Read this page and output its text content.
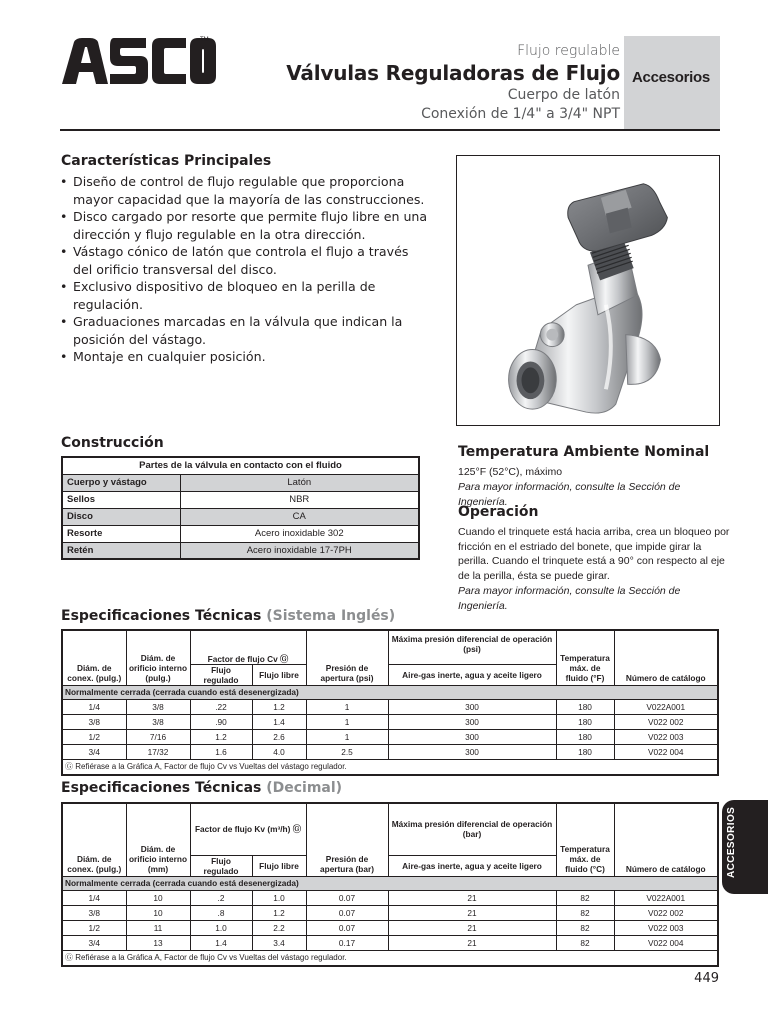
TM
Flujo regulable
Válvulas Reguladoras de Flujo
Cuerpo de latón
Conexión de 1/4" a 3/4" NPT
Accesorios
Características Principales
• Diseño de control de flujo regulable que proporciona mayor capacidad que la mayoría de las construcciones.
• Disco cargado por resorte que permite flujo libre en una dirección y flujo regulable en la otra dirección.
• Vástago cónico de latón que controla el flujo a través del orificio transversal del disco.
• Exclusivo dispositivo de bloqueo en la perilla de regulación.
• Graduaciones marcadas en la válvula que indican la posición del vástago.
• Montaje en cualquier posición.
Construcción
Partes de la válvula en contacto con el fluido	
Cuerpo y vástago	Latón
Sellos	NBR
Disco	CA
Resorte	Acero inoxidable 302
Retén	Acero inoxidable 17-7PH
Temperatura Ambiente Nominal
125°F (52°C), máximo
Para mayor información, consulte la Sección de Ingeniería.
Operación
Cuando el trinquete está hacia arriba, crea un bloqueo por fricción en el estriado del bonete, que impide girar la perilla. Cuando el trinquete está a 90° con respecto al eje de la perilla, ésta se puede girar.
Para mayor información, consulte la Sección de Ingeniería.
Especificaciones Técnicas (Sistema Inglés)
Diám. de conex. (pulg.)	Diám. de orificio interno (pulg.)	Factor de flujo Cv Ⓖ		Presión de apertura (psi)	Máxima presión diferencial de operación (psi)	Temperatura máx. de fluido (°F)	Número de catálogo
		Flujo regulado	Flujo libre		Aire-gas inerte, agua y aceite ligero		
Normalmente cerrada (cerrada cuando está desenergizada)							
1/4	3/8	.22	1.2	1	300	180	V022A001
3/8	3/8	.90	1.4	1	300	180	V022 002
1/2	7/16	1.2	2.6	1	300	180	V022 003
3/4	17/32	1.6	4.0	2.5	300	180	V022 004
Ⓖ Refiérase a la Gráfica A, Factor de flujo Cv vs Vueltas del vástago regulador.							
Especificaciones Técnicas (Decimal)
Diám. de conex. (pulg.)	Diám. de orificio interno (mm)	Factor de flujo Kv (m³/h) Ⓖ		Presión de apertura (bar)	Máxima presión diferencial de operación (bar)	Temperatura máx. de fluido (°C)	Número de catálogo
		Flujo regulado	Flujo libre		Aire-gas inerte, agua y aceite ligero		
Normalmente cerrada (cerrada cuando está desenergizada)							
1/4	10	.2	1.0	0.07	21	82	V022A001
3/8	10	.8	1.2	0.07	21	82	V022 002
1/2	11	1.0	2.2	0.07	21	82	V022 003
3/4	13	1.4	3.4	0.17	21	82	V022 004
Ⓖ Refiérase a la Gráfica A, Factor de flujo Cv vs Vueltas del vástago regulador.							
ACCESORIOS
449
